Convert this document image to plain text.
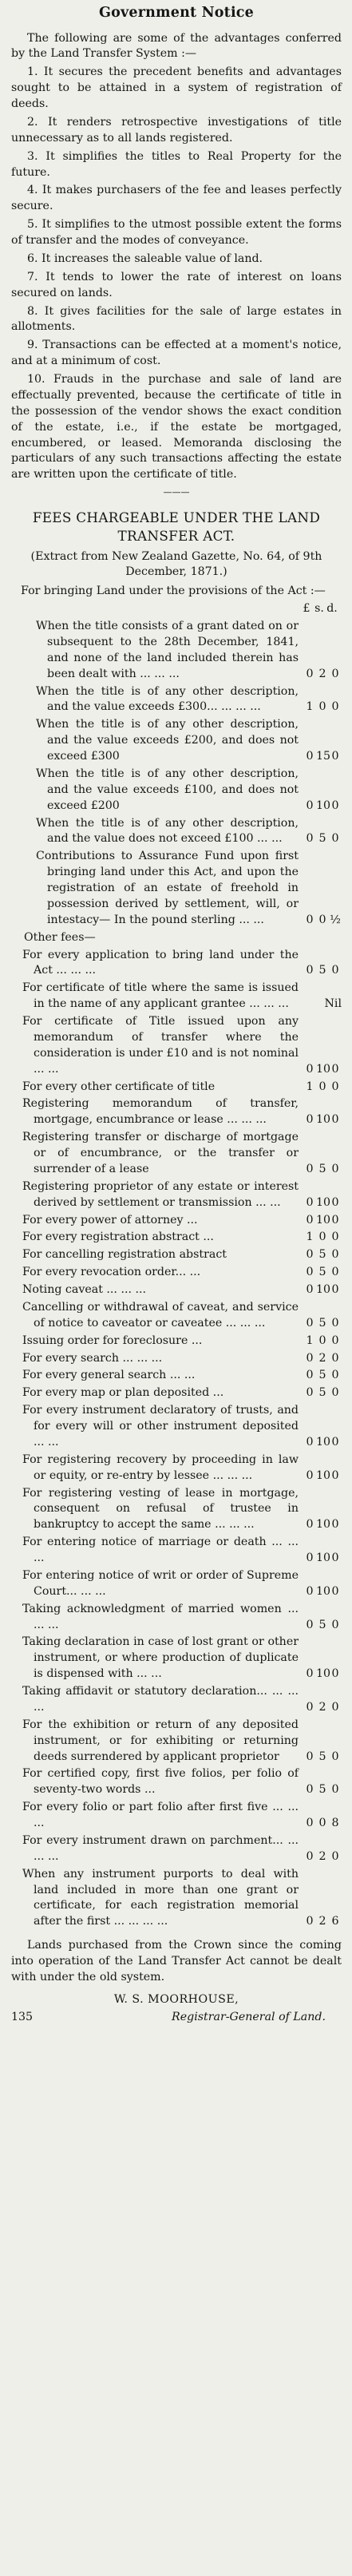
Government Notice

The following are some of the advantages conferred by the Land Transfer System :—

1. It secures the precedent benefits and advantages sought to be attained in a system of registration of deeds.

2. It renders retrospective investigations of title unnecessary as to all lands registered.

3. It simplifies the titles to Real Property for the future.

4. It makes purchasers of the fee and leases perfectly secure.

5. It simplifies to the utmost possible extent the forms of transfer and the modes of conveyance.

6. It increases the saleable value of land.

7. It tends to lower the rate of interest on loans secured on lands.

8. It gives facilities for the sale of large estates in allotments.

9. Transactions can be effected at a moment's notice, and at a minimum of cost.

10. Frauds in the purchase and sale of land are effectually prevented, because the certificate of title in the possession of the vendor shows the exact condition of the estate, i.e., if the estate be mortgaged, encumbered, or leased. Memoranda disclosing the particulars of any such transactions affecting the estate are written upon the certificate of title.

———
FEES CHARGEABLE UNDER THE LAND TRANSFER ACT.
(Extract from New Zealand Gazette, No. 64, of 9th December, 1871.)
For bringing Land under the provisions of the Act :—
£ s. d.
When the title consists of a grant dated on or subsequent to the 28th December, 1841, and none of the land included therein has been dealt with ... ... ...	0 2 0
When the title is of any other description, and the value exceeds £300... ... ... ...	1 0 0
When the title is of any other description, and the value exceeds £200, and does not exceed £300	0 15 0
When the title is of any other description, and the value exceeds £100, and does not exceed £200	0 10 0
When the title is of any other description, and the value does not exceed £100 ... ...	0 5 0
Contributions to Assurance Fund upon first bringing land under this Act, and upon the registration of an estate of freehold in possession derived by settlement, will, or intestacy— In the pound sterling ... ...	0 0 ½
Other fees—
For every application to bring land under the Act ... ... ...	0 5 0
For certificate of title where the same is issued in the name of any applicant grantee ... ... ...	Nil
For certificate of Title issued upon any memorandum of transfer where the consideration is under £10 and is not nominal ... ...	0 10 0
For every other certificate of title	1 0 0
Registering memorandum of transfer, mortgage, encumbrance or lease ... ... ...	0 10 0
Registering transfer or discharge of mortgage or of encumbrance, or the transfer or surrender of a lease	0 5 0
Registering proprietor of any estate or interest derived by settlement or transmission ... ...	0 10 0
For every power of attorney ...	0 10 0
For every registration abstract ...	1 0 0
For cancelling registration abstract	0 5 0
For every revocation order... ...	0 5 0
Noting caveat ... ... ...	0 10 0
Cancelling or withdrawal of caveat, and service of notice to caveator or caveatee ... ... ...	0 5 0
Issuing order for foreclosure ...	1 0 0
For every search ... ... ...	0 2 0
For every general search ... ...	0 5 0
For every map or plan deposited ...	0 5 0
For every instrument declaratory of trusts, and for every will or other instrument deposited ... ...	0 10 0
For registering recovery by proceeding in law or equity, or re-entry by lessee ... ... ...	0 10 0
For registering vesting of lease in mortgage, consequent on refusal of trustee in bankruptcy to accept the same ... ... ...	0 10 0
For entering notice of marriage or death ... ... ...	0 10 0
For entering notice of writ or order of Supreme Court... ... ...	0 10 0
Taking acknowledgment of married women ... ... ...	0 5 0
Taking declaration in case of lost grant or other instrument, or where production of duplicate is dispensed with ... ...	0 10 0
Taking affidavit or statutory declaration... ... ... ...	0 2 0
For the exhibition or return of any deposited instrument, or for exhibiting or returning deeds surrendered by applicant proprietor	0 5 0
For certified copy, first five folios, per folio of seventy-two words ...	0 5 0
For every folio or part folio after first five ... ... ...	0 0 8
For every instrument drawn on parchment... ... ... ...	0 2 0
When any instrument purports to deal with land included in more than one grant or certificate, for each registration memorial after the first ... ... ... ...	0 2 6

Lands purchased from the Crown since the coming into operation of the Land Transfer Act cannot be dealt with under the old system.

W. S. MOORHOUSE,
135	Registrar-General of Land.
